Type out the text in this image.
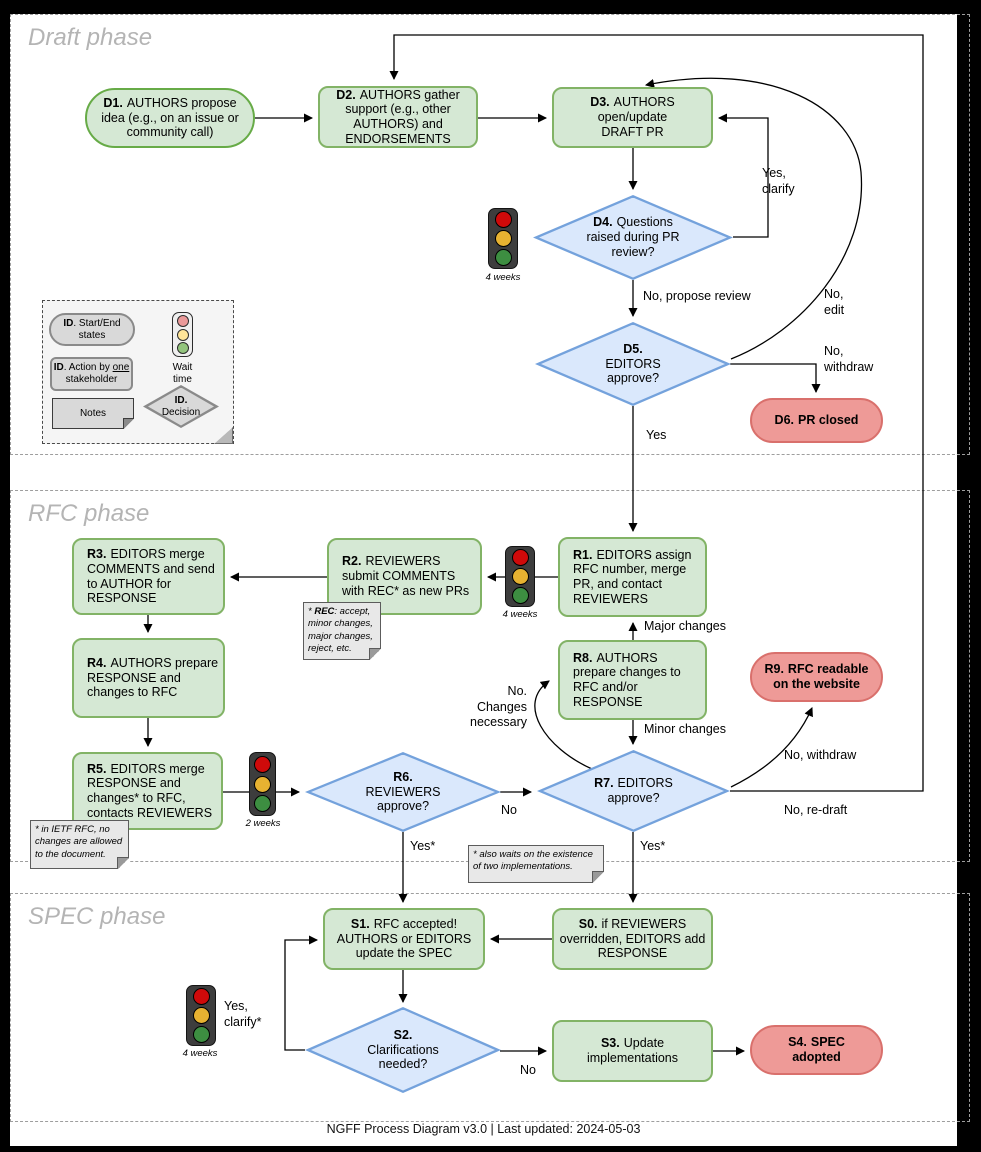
Draft phase
RFC phase
SPEC phase
D1. AUTHORS propose idea (e.g., on an issue or community call)
D2. AUTHORS gather support (e.g., other AUTHORS) and ENDORSEMENTS
D3. AUTHORS open/update DRAFT PR
D4. Questions raised during PR review?
D5.
EDITORS approve?
D6. PR closed
R1. EDITORS assign RFC number, merge PR, and contact REVIEWERS
R2. REVIEWERS submit COMMENTS with REC* as new PRs
R3. EDITORS merge COMMENTS and send to AUTHOR for RESPONSE
R4. AUTHORS prepare RESPONSE and changes to RFC
R5. EDITORS merge RESPONSE and changes* to RFC, contacts REVIEWERS
R8. AUTHORS prepare changes to RFC and/or RESPONSE
R6.
REVIEWERS approve?
R7. EDITORS approve?
R9. RFC readable on the website
S1. RFC accepted! AUTHORS or EDITORS update the SPEC
S0. if REVIEWERS overridden, EDITORS add RESPONSE
S2.
Clarifications needed?
S3. Update implementations
S4. SPEC adopted
Yes,
clarify
No, propose review	No,
edit
No,
withdraw
Yes
Major changes
Minor changes
No.
Changes
necessary
No, withdraw
No, re-draft
No
Yes*	Yes*
Yes,
clarify*
No
4 weeks
4 weeks
2 weeks
4 weeks
* REC: accept, minor changes, major changes, reject, etc.
* in IETF RFC, no changes are allowed to the document.	* also waits on the existence of two implementations.
ID. Start/End states
ID. Action by one stakeholder
Notes
Wait
time
ID.
Decision
NGFF Process Diagram v3.0 | Last updated: 2024-05-03
